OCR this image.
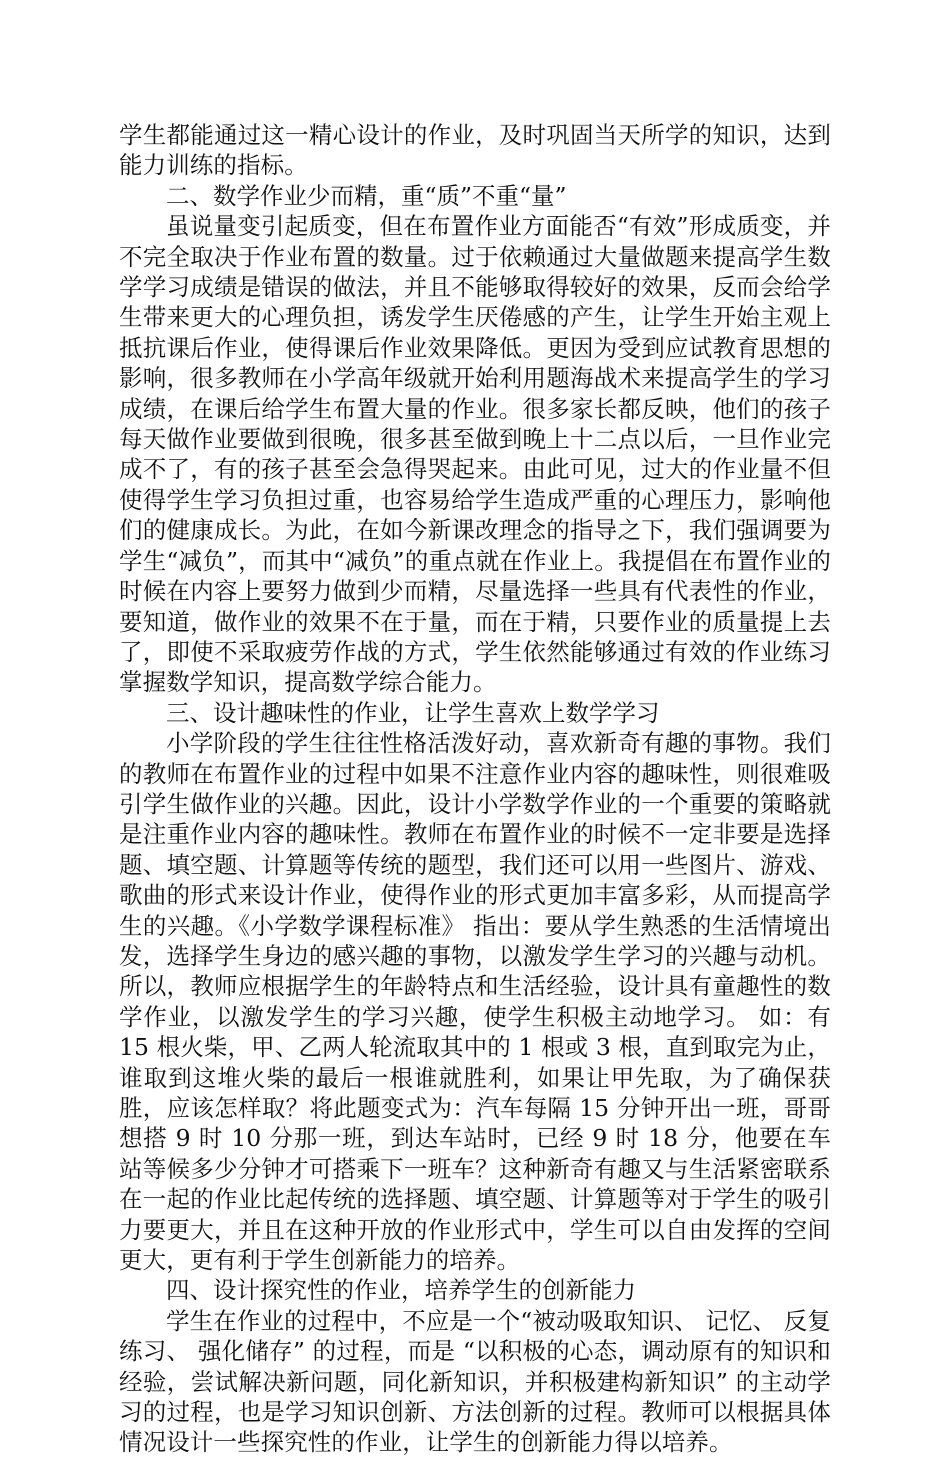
学生都能通过这一精心设计的作业，及时巩固当天所学的知识，达到能力训练的指标。

二、数学作业少而精，重“质”不重“量”

虽说量变引起质变，但在布置作业方面能否“有效”形成质变，并不完全取决于作业布置的数量。过于依赖通过大量做题来提高学生数学学习成绩是错误的做法，并且不能够取得较好的效果，反而会给学生带来更大的心理负担，诱发学生厌倦感的产生，让学生开始主观上抵抗课后作业，使得课后作业效果降低。更因为受到应试教育思想的影响，很多教师在小学高年级就开始利用题海战术来提高学生的学习成绩，在课后给学生布置大量的作业。很多家长都反映，他们的孩子每天做作业要做到很晚，很多甚至做到晚上十二点以后，一旦作业完成不了，有的孩子甚至会急得哭起来。由此可见，过大的作业量不但使得学生学习负担过重，也容易给学生造成严重的心理压力，影响他们的健康成长。为此，在如今新课改理念的指导之下，我们强调要为学生“减负”，而其中“减负”的重点就在作业上。我提倡在布置作业的时候在内容上要努力做到少而精，尽量选择一些具有代表性的作业，要知道，做作业的效果不在于量，而在于精，只要作业的质量提上去了，即使不采取疲劳作战的方式，学生依然能够通过有效的作业练习掌握数学知识，提高数学综合能力。

三、设计趣味性的作业，让学生喜欢上数学学习

小学阶段的学生往往性格活泼好动，喜欢新奇有趣的事物。我们的教师在布置作业的过程中如果不注意作业内容的趣味性，则很难吸引学生做作业的兴趣。因此，设计小学数学作业的一个重要的策略就是注重作业内容的趣味性。教师在布置作业的时候不一定非要是选择题、填空题、计算题等传统的题型，我们还可以用一些图片、游戏、歌曲的形式来设计作业，使得作业的形式更加丰富多彩，从而提高学生的兴趣。《小学数学课程标准》 指出：要从学生熟悉的生活情境出发，选择学生身边的感兴趣的事物，以激发学生学习的兴趣与动机。所以，教师应根据学生的年龄特点和生活经验，设计具有童趣性的数学作业，以激发学生的学习兴趣，使学生积极主动地学习。 如：有 15 根火柴，甲、乙两人轮流取其中的 1 根或 3 根，直到取完为止，谁取到这堆火柴的最后一根谁就胜利，如果让甲先取，为了确保获胜，应该怎样取？将此题变式为：汽车每隔 15 分钟开出一班，哥哥想搭 9 时 10 分那一班，到达车站时，已经 9 时 18 分，他要在车站等候多少分钟才可搭乘下一班车？这种新奇有趣又与生活紧密联系在一起的作业比起传统的选择题、填空题、计算题等对于学生的吸引力要更大，并且在这种开放的作业形式中，学生可以自由发挥的空间更大，更有利于学生创新能力的培养。

四、设计探究性的作业，培养学生的创新能力

学生在作业的过程中，不应是一个“被动吸取知识、 记忆、 反复练习、 强化储存” 的过程，而是 “以积极的心态，调动原有的知识和经验，尝试解决新问题，同化新知识，并积极建构新知识” 的主动学习的过程，也是学习知识创新、方法创新的过程。教师可以根据具体情况设计一些探究性的作业，让学生的创新能力得以培养。
